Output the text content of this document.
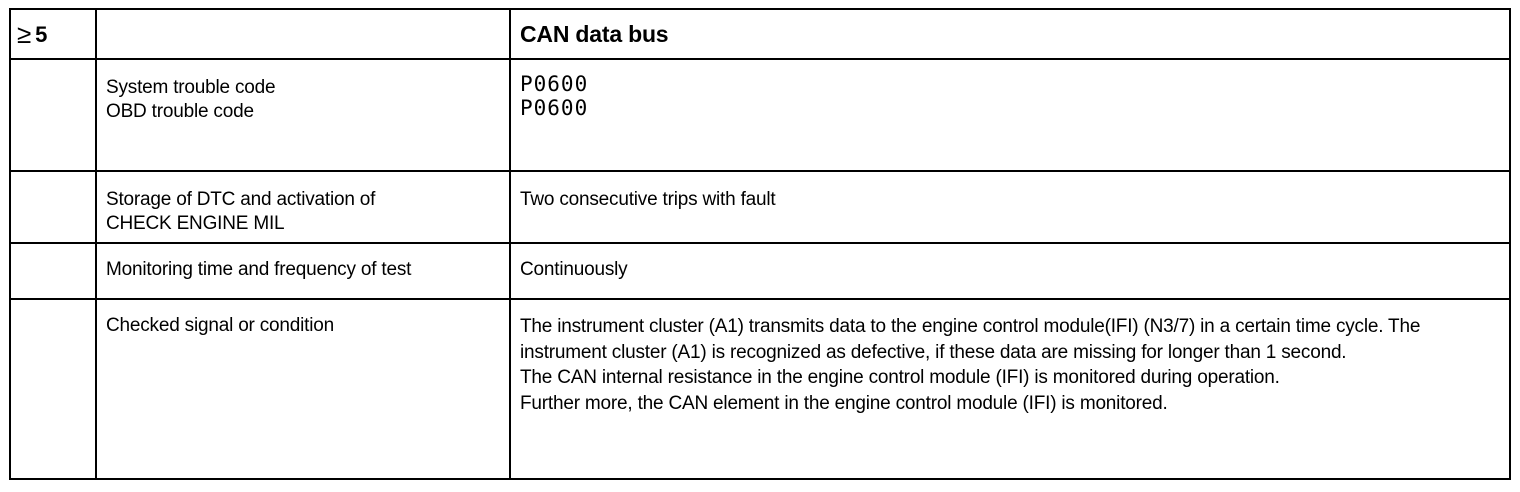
≥ 5		CAN data bus

	System trouble code
OBD trouble code	P0600
P0600

	Storage of DTC and activation of
CHECK ENGINE MIL	Two consecutive trips with fault

	Monitoring time and frequency of test	Continuously

	Checked signal or condition	The instrument cluster (A1) transmits data to the engine control module(IFI) (N3/7) in a certain time cycle. The instrument cluster (A1) is recognized as defective, if these data are missing for longer than 1 second.
The CAN internal resistance in the engine control module (IFI) is monitored during operation.
Further more, the CAN element in the engine control module (IFI) is monitored.
